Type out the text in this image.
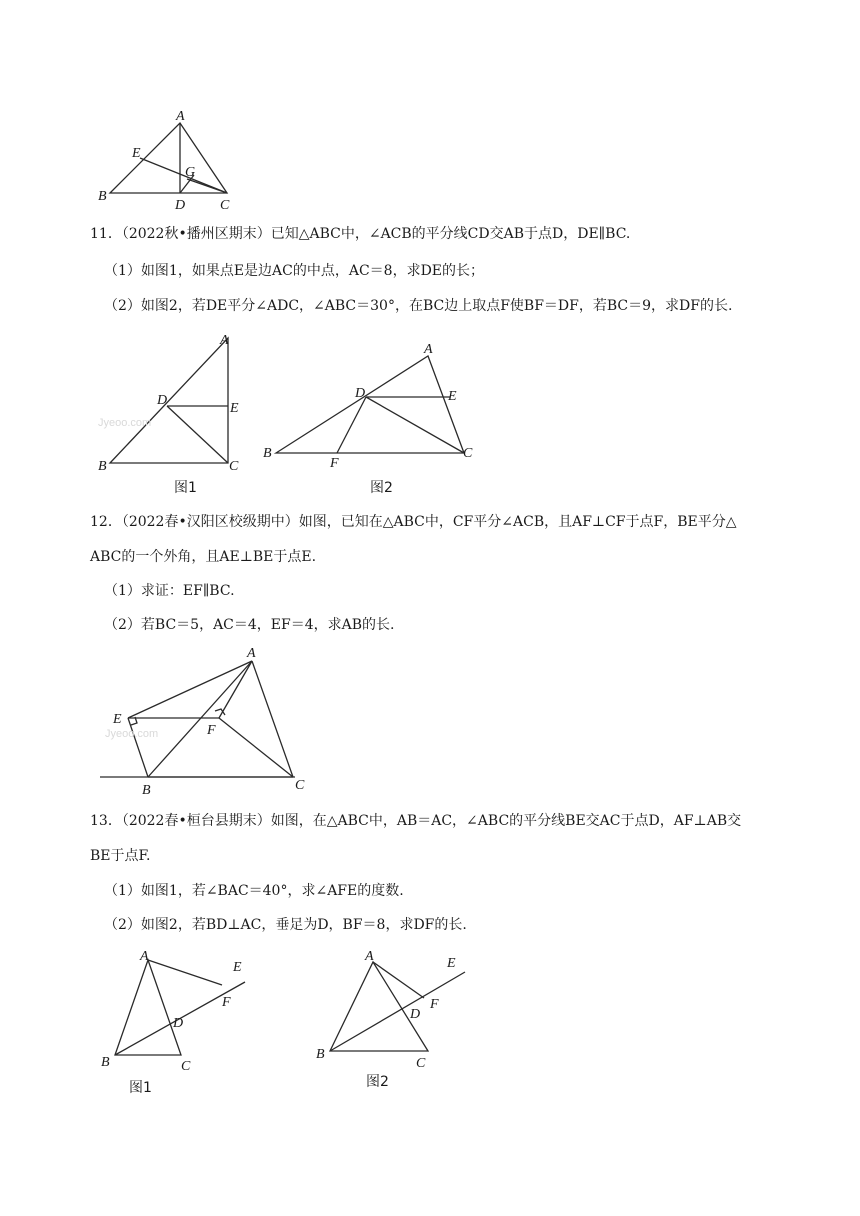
A
E
G
B
D C
11．（2022秋•播州区期末）已知△ABC中，∠ACB的平分线CD交AB于点D，DE∥BC.
（1）如图1，如果点E是边AC的中点，AC＝8，求DE的长；
（2）如图2，若DE平分∠ADC，∠ABC＝30°，在BC边上取点F使BF＝DF，若BC＝9，求DF的长.
Jyeoo.com
A
D
E
B	C
图1
A
D	E
B
F
C
图2
12．（2022春•汉阳区校级期中）如图，已知在△ABC中，CF平分∠ACB，且AF⊥CF于点F，BE平分△
ABC的一个外角，且AE⊥BE于点E.
（1）求证：EF∥BC.
（2）若BC＝5，AC＝4，EF＝4，求AB的长.
Jyeoo.com
A
E
F
B	C
13．（2022春•桓台县期末）如图，在△ABC中，AB＝AC，∠ABC的平分线BE交AC于点D，AF⊥AB交
BE于点F.
（1）如图1，若∠BAC＝40°，求∠AFE的度数.
（2）如图2，若BD⊥AC，垂足为D，BF＝8，求DF的长.
A
E
F
D
B	C
图1
A	E
F
D
B
C
图2
